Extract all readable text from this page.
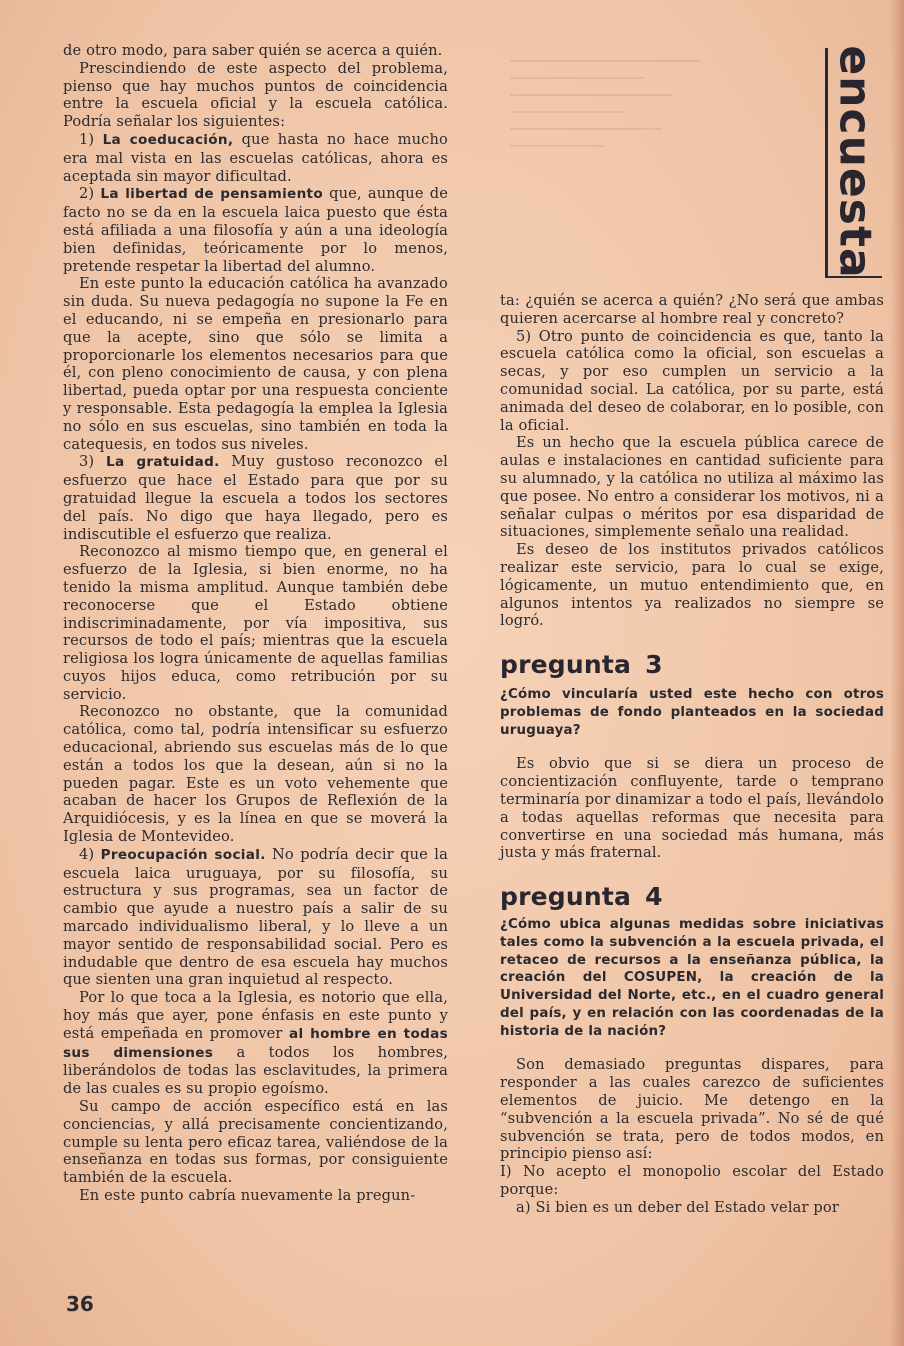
encuesta

de otro modo, para saber quién se acerca a quién.

Prescindiendo de este aspecto del problema, pienso que hay muchos puntos de coincidencia entre la escuela oficial y la escuela católica. Podría señalar los siguientes:

1) La coeducación, que hasta no hace mucho era mal vista en las escuelas católicas, ahora es aceptada sin mayor dificultad.

2) La libertad de pensamiento que, aunque de facto no se da en la escuela laica puesto que ésta está afiliada a una filosofía y aún a una ideología bien definidas, teóricamente por lo menos, pretende respetar la libertad del alumno.

En este punto la educación católica ha avanzado sin duda. Su nueva pedagogía no supone la Fe en el educando, ni se empeña en presionarlo para que la acepte, sino que sólo se limita a proporcionarle los elementos necesarios para que él, con pleno conocimiento de causa, y con plena libertad, pueda optar por una respuesta conciente y responsable. Esta pedagogía la emplea la Iglesia no sólo en sus escuelas, sino también en toda la catequesis, en todos sus niveles.

3) La gratuidad. Muy gustoso reconozco el esfuerzo que hace el Estado para que por su gratuidad llegue la escuela a todos los sectores del país. No digo que haya llegado, pero es indiscutible el esfuerzo que realiza.

Reconozco al mismo tiempo que, en general el esfuerzo de la Iglesia, si bien enorme, no ha tenido la misma amplitud. Aunque también debe reconocerse que el Estado obtiene indiscriminadamente, por vía impositiva, sus recursos de todo el país; mientras que la escuela religiosa los logra únicamente de aquellas familias cuyos hijos educa, como retribución por su servicio.

Reconozco no obstante, que la comunidad católica, como tal, podría intensificar su esfuerzo educacional, abriendo sus escuelas más de lo que están a todos los que la desean, aún si no la pueden pagar. Este es un voto vehemente que acaban de hacer los Grupos de Reflexión de la Arquidiócesis, y es la línea en que se moverá la Iglesia de Montevideo.

4) Preocupación social. No podría decir que la escuela laica uruguaya, por su filosofía, su estructura y sus programas, sea un factor de cambio que ayude a nuestro país a salir de su marcado individualismo liberal, y lo lleve a un mayor sentido de responsabilidad social. Pero es indudable que dentro de esa escuela hay muchos que sienten una gran inquietud al respecto.

Por lo que toca a la Iglesia, es notorio que ella, hoy más que ayer, pone énfasis en este punto y está empeñada en promover al hombre en todas sus dimensiones a todos los hombres, liberándolos de todas las esclavitudes, la primera de las cuales es su propio egoísmo.

Su campo de acción específico está en las conciencias, y allá precisamente concientizando, cumple su lenta pero eficaz tarea, valiéndose de la enseñanza en todas sus formas, por consiguiente también de la escuela.

En este punto cabría nuevamente la pregun-

ta: ¿quién se acerca a quién? ¿No será que ambas quieren acercarse al hombre real y concreto?

5) Otro punto de coincidencia es que, tanto la escuela católica como la oficial, son escuelas a secas, y por eso cumplen un servicio a la comunidad social. La católica, por su parte, está animada del deseo de colaborar, en lo posible, con la oficial.

Es un hecho que la escuela pública carece de aulas e instalaciones en cantidad suficiente para su alumnado, y la católica no utiliza al máximo las que posee. No entro a considerar los motivos, ni a señalar culpas o méritos por esa disparidad de situaciones, simplemente señalo una realidad.

Es deseo de los institutos privados católicos realizar este servicio, para lo cual se exige, lógicamente, un mutuo entendimiento que, en algunos intentos ya realizados no siempre se logró.

pregunta 3

¿Cómo vincularía usted este hecho con otros problemas de fondo planteados en la sociedad uruguaya?

Es obvio que si se diera un proceso de concientización confluyente, tarde o temprano terminaría por dinamizar a todo el país, llevándolo a todas aquellas reformas que necesita para convertirse en una sociedad más humana, más justa y más fraternal.

pregunta 4

¿Cómo ubica algunas medidas sobre iniciativas tales como la subvención a la escuela privada, el retaceo de recursos a la enseñanza pública, la creación del COSUPEN, la creación de la Universidad del Norte, etc., en el cuadro general del país, y en relación con las coordenadas de la historia de la nación?

Son demasiado preguntas dispares, para responder a las cuales carezco de suficientes elementos de juicio. Me detengo en la “subvención a la escuela privada”. No sé de qué subvención se trata, pero de todos modos, en principio pienso así:

I) No acepto el monopolio escolar del Estado porque:

a) Si bien es un deber del Estado velar por

36
